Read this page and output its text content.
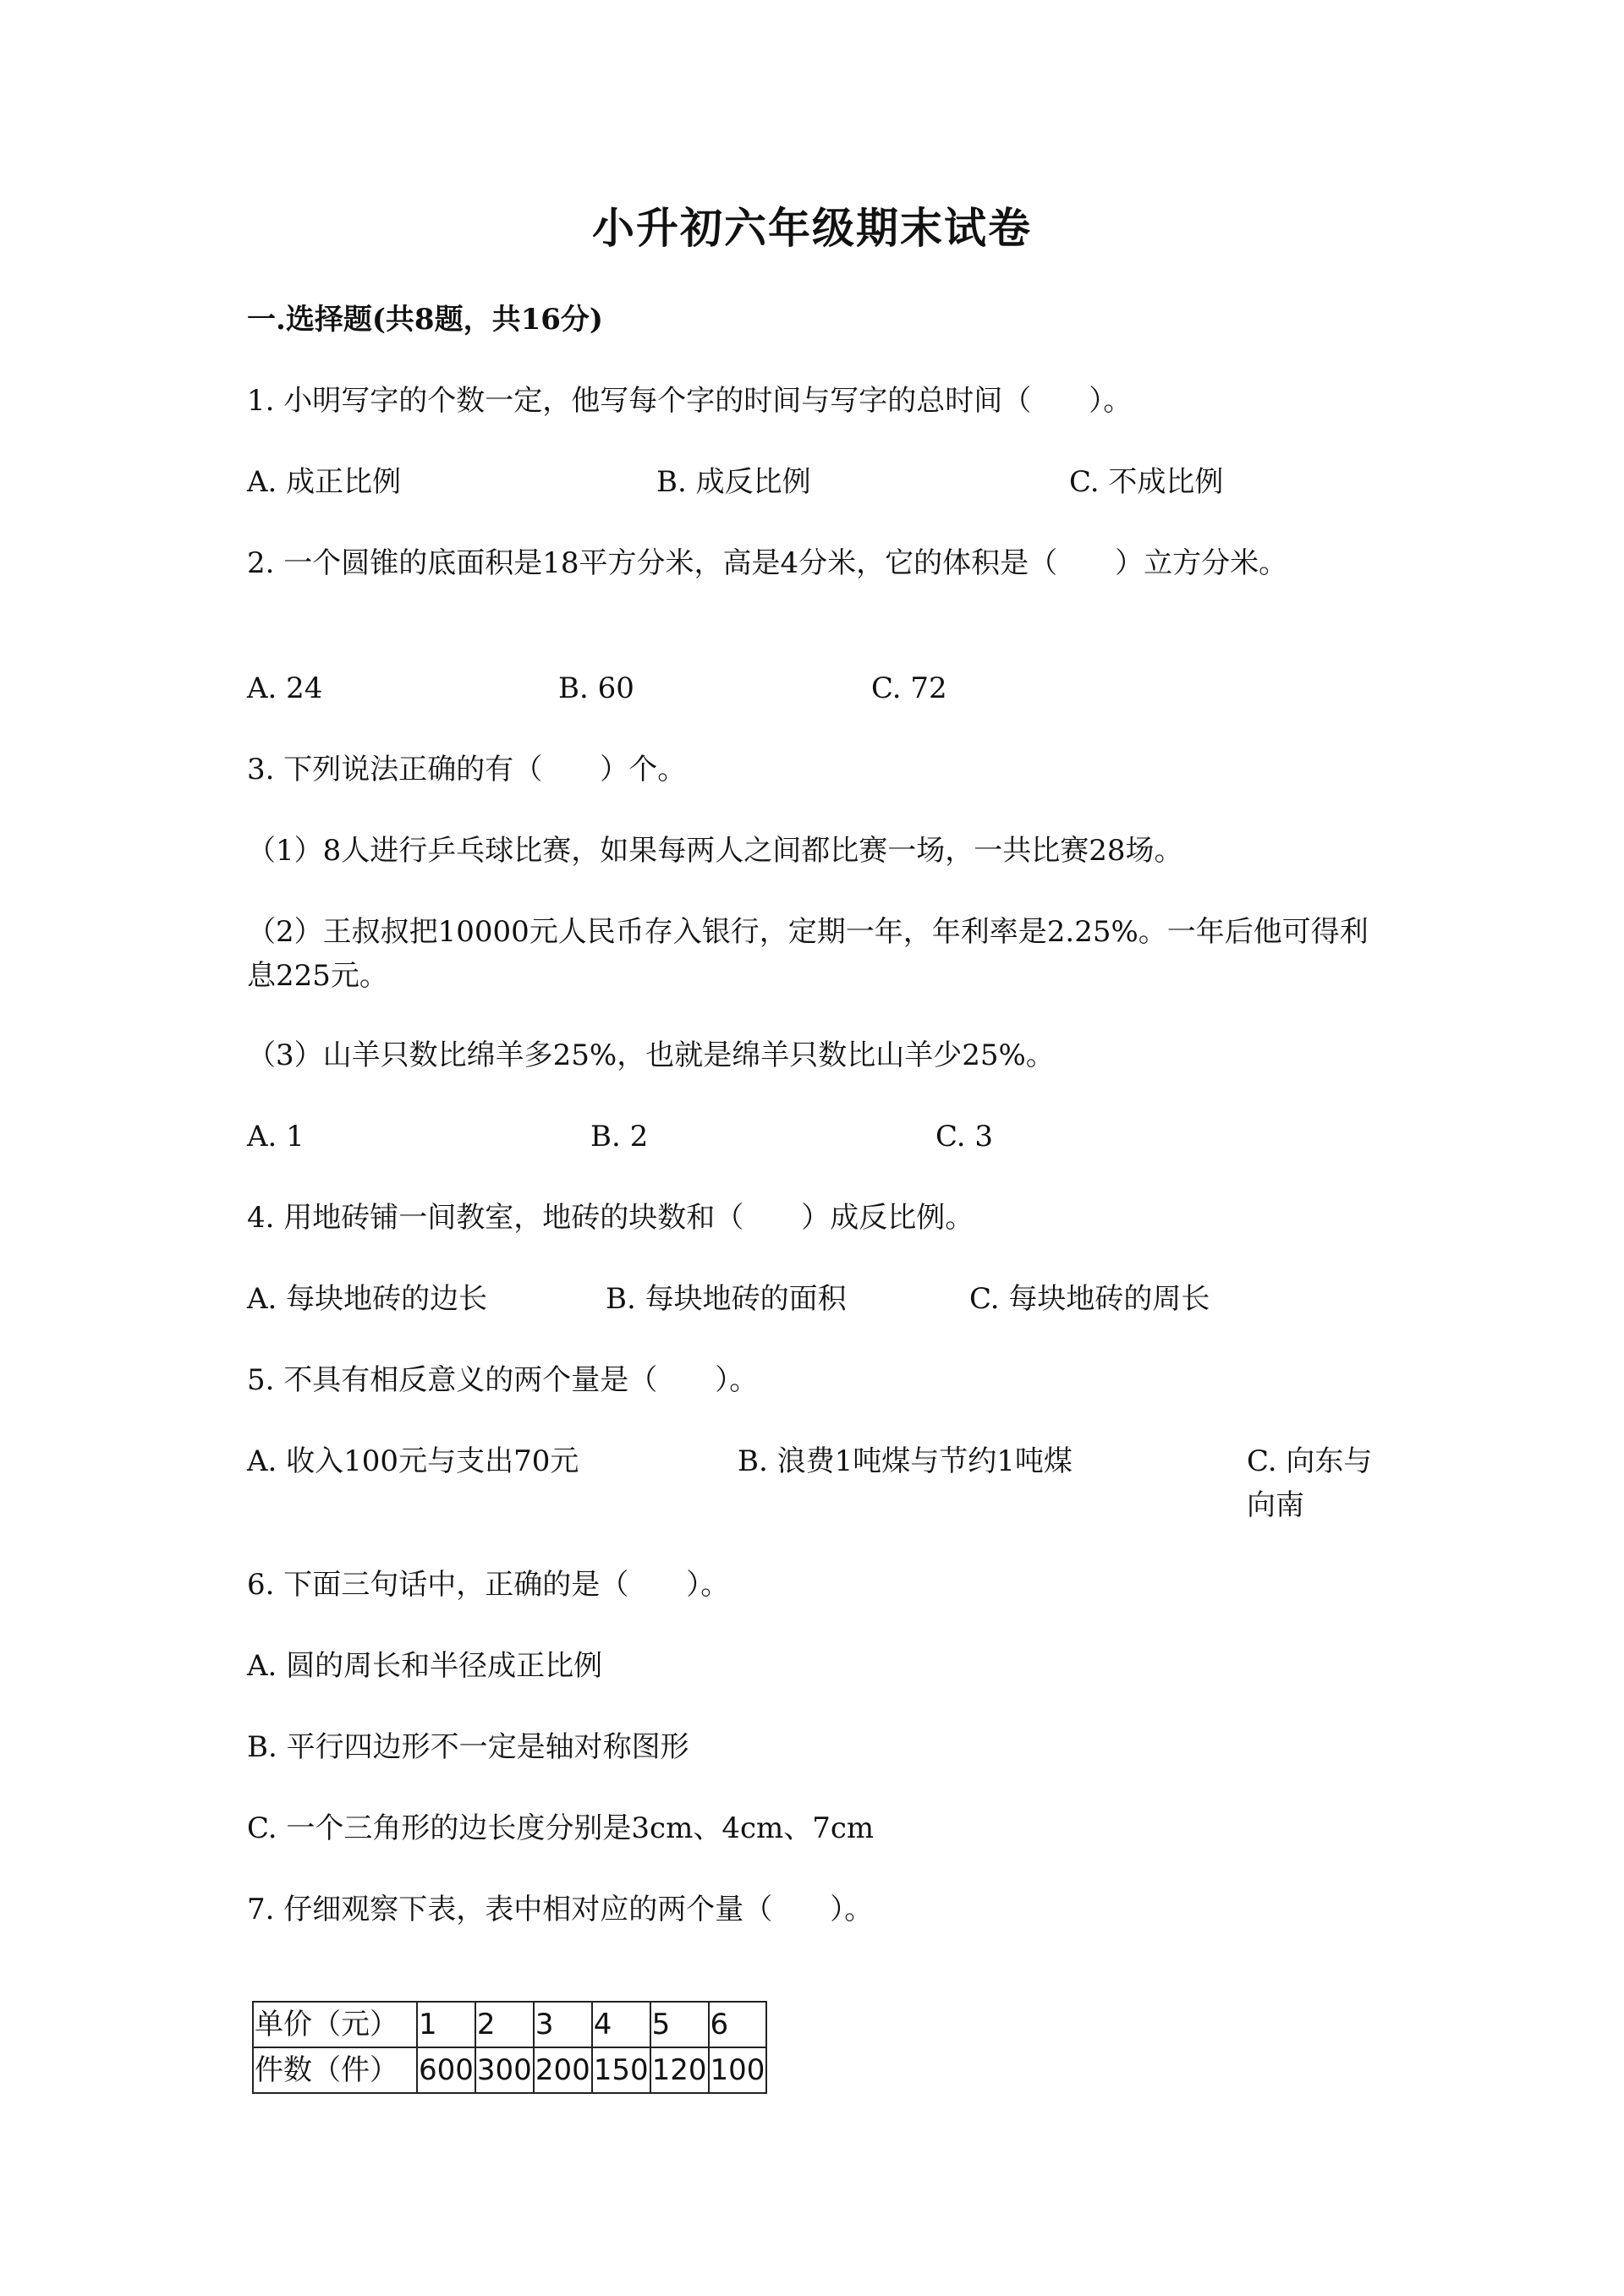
小升初六年级期末试卷
一.选择题(共8题，共16分)
1. 小明写字的个数一定，他写每个字的时间与写字的总时间（　　）。
A. 成正比例	B. 成反比例	C. 不成比例
2. 一个圆锥的底面积是18平方分米，高是4分米，它的体积是（　　）立方分米。
A. 24	B. 60	C. 72
3. 下列说法正确的有（　　）个。
（1）8人进行乒乓球比赛，如果每两人之间都比赛一场，一共比赛28场。
（2）王叔叔把10000元人民币存入银行，定期一年，年利率是2.25%。一年后他可得利息225元。
（3）山羊只数比绵羊多25%，也就是绵羊只数比山羊少25%。
A. 1	B. 2	C. 3
4. 用地砖铺一间教室，地砖的块数和（　　）成反比例。
A. 每块地砖的边长	B. 每块地砖的面积	C. 每块地砖的周长
5. 不具有相反意义的两个量是（　　）。
A. 收入100元与支出70元	B. 浪费1吨煤与节约1吨煤	C. 向东与向南
6. 下面三句话中，正确的是（　　）。
A. 圆的周长和半径成正比例
B. 平行四边形不一定是轴对称图形
C. 一个三角形的边长度分别是3cm、4cm、7cm
7. 仔细观察下表，表中相对应的两个量（　　）。
单价（元）	1	2	3	4	5	6
件数（件）	600	300	200	150	120	100
